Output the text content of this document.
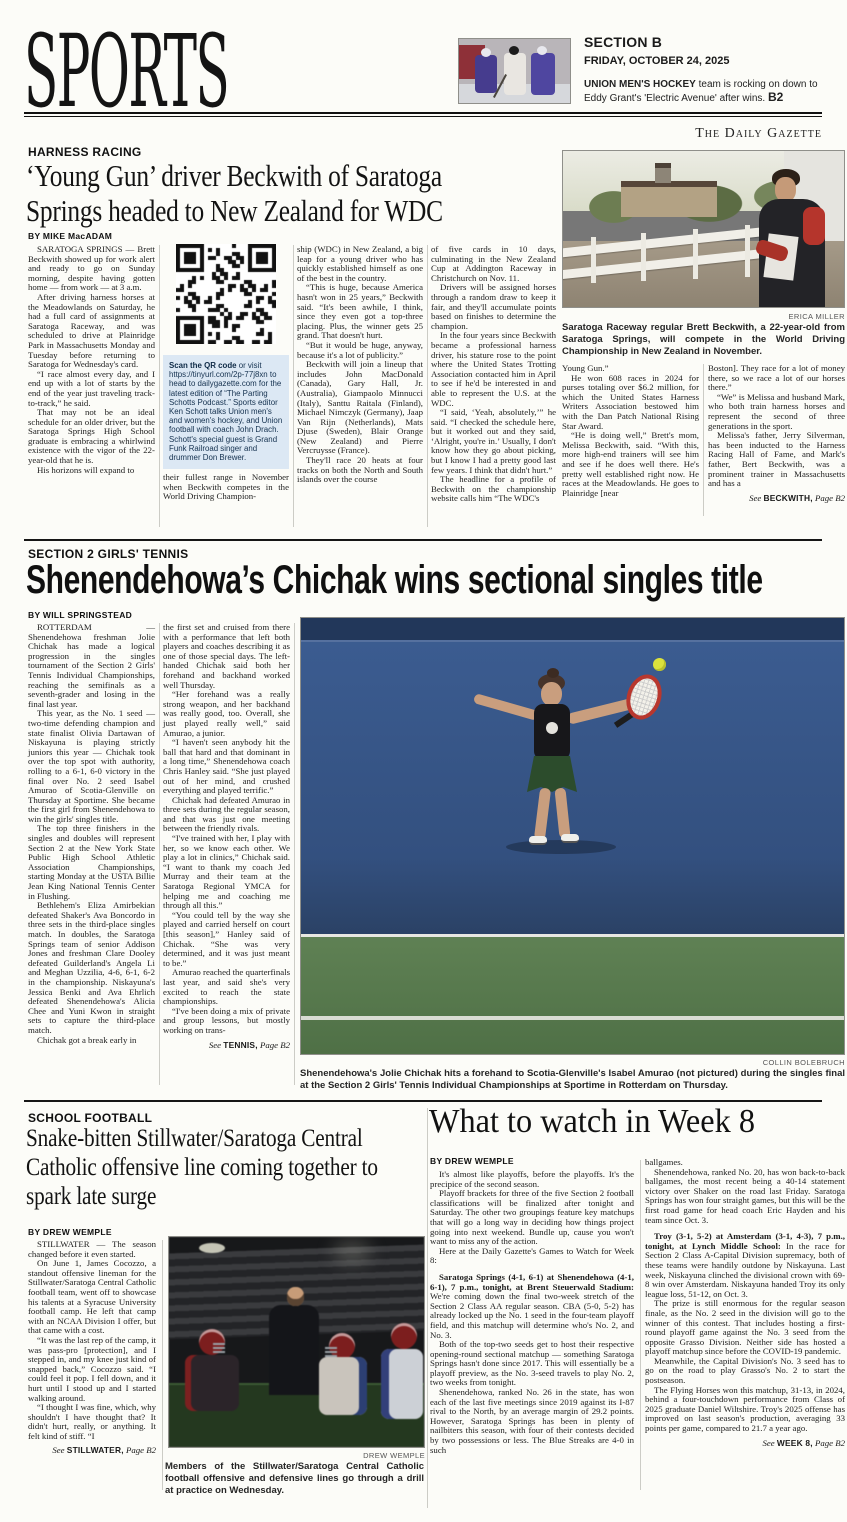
SPORTS	SECTION B
FRIDAY, OCTOBER 24, 2025
UNION MEN'S HOCKEY team is rocking on down to Eddy Grant's 'Electric Avenue' after wins. B2
The Daily Gazette
HARNESS RACING
‘Young Gun’ driver Beckwith of Saratoga Springs headed to New Zealand for WDC
BY MIKE MacADAM

SARATOGA SPRINGS — Brett Beckwith showed up for work alert and ready to go on Sunday morning, despite having gotten home — from work — at 3 a.m.

After driving harness horses at the Meadowlands on Saturday, he had a full card of assignments at Saratoga Raceway, and was scheduled to drive at Plainridge Park in Massachusetts Monday and Tuesday before returning to Saratoga for Wednesday's card.

“I race almost every day, and I end up with a lot of starts by the end of the year just traveling track-to-track,” he said.

That may not be an ideal schedule for an older driver, but the Saratoga Springs High School graduate is embracing a whirlwind existence with the vigor of the 22-year-old that he is.

His horizons will expand to

Scan the QR code or visit https://tinyurl.com/2p-77j8xn to head to dailygazette.com for the latest edition of “The Parting Schotts Podcast.” Sports editor Ken Schott talks Union men's and women's hockey, and Union football with coach John Drach. Schott's special guest is Grand Funk Railroad singer and drummer Don Brewer.

their fullest range in November when Beckwith competes in the World Driving Champion-

ship (WDC) in New Zealand, a big leap for a young driver who has quickly established himself as one of the best in the country.

“This is huge, because America hasn't won in 25 years,” Beckwith said. “It's been awhile, I think, since they even got a top-three placing. Plus, the winner gets 25 grand. That doesn't hurt.

“But it would be huge, anyway, because it's a lot of publicity.”

Beckwith will join a lineup that includes John MacDonald (Canada), Gary Hall, Jr. (Australia), Giampaolo Minnucci (Italy), Santtu Raitala (Finland), Michael Nimczyk (Germany), Jaap Van Rijn (Netherlands), Mats Djuse (Sweden), Blair Orange (New Zealand) and Pierre Vercruysse (France).

They'll race 20 heats at four tracks on both the North and South islands over the course

of five cards in 10 days, culminating in the New Zealand Cup at Addington Raceway in Christchurch on Nov. 11.

Drivers will be assigned horses through a random draw to keep it fair, and they'll accumulate points based on finishes to determine the champion.

In the four years since Beckwith became a professional harness driver, his stature rose to the point where the United States Trotting Association contacted him in April to see if he'd be interested in and able to represent the U.S. at the WDC.

“I said, ‘Yeah, absolutely,’” he said. “I checked the schedule here, but it worked out and they said, ‘Alright, you're in.’ Usually, I don't know how they go about picking, but I know I had a pretty good last few years. I think that didn't hurt.”

The headline for a profile of Beckwith on the championship website calls him “The WDC's

ERICA MILLER
Saratoga Raceway regular Brett Beckwith, a 22-year-old from Saratoga Springs, will compete in the World Driving Championship in New Zealand in November.

Young Gun.”

He won 608 races in 2024 for purses totaling over $6.2 million, for which the United States Harness Writers Association bestowed him with the Dan Patch National Rising Star Award.

“He is doing well,” Brett's mom, Melissa Beckwith, said. “With this, more high-end trainers will see him and see if he does well there. He's pretty well established right now. He races at the Meadowlands. He goes to Plainridge [near

Boston]. They race for a lot of money there, so we race a lot of our horses there.”

“We” is Melissa and husband Mark, who both train harness horses and represent the second of three generations in the sport.

Melissa's father, Jerry Silverman, has been inducted to the Harness Racing Hall of Fame, and Mark's father, Bert Beckwith, was a prominent trainer in Massachusetts and has a

See BECKWITH, Page B2
SECTION 2 GIRLS' TENNIS
Shenendehowa’s Chichak wins sectional singles title
BY WILL SPRINGSTEAD

ROTTERDAM — Shenendehowa freshman Jolie Chichak has made a logical progression in the singles tournament of the Section 2 Girls' Tennis Individual Championships, reaching the semifinals as a seventh-grader and losing in the final last year.

This year, as the No. 1 seed — two-time defending champion and state finalist Olivia Dartawan of Niskayuna is playing strictly juniors this year — Chichak took over the top spot with authority, rolling to a 6-1, 6-0 victory in the final over No. 2 seed Isabel Amurao of Scotia-Glenville on Thursday at Sportime. She became the first girl from Shenendehowa to win the girls' singles title.

The top three finishers in the singles and doubles will represent Section 2 at the New York State Public High School Athletic Association Championships, starting Monday at the USTA Billie Jean King National Tennis Center in Flushing.

Bethlehem's Eliza Amirbekian defeated Shaker's Ava Boncordo in three sets in the third-place singles match. In doubles, the Saratoga Springs team of senior Addison Jones and freshman Clare Dooley defeated Guilderland's Angela Li and Meghan Uzzilia, 4-6, 6-1, 6-2 in the championship. Niskayuna's Jessica Benki and Ava Ehrlich defeated Shenendehowa's Alicia Chee and Yuni Kwon in straight sets to capture the third-place match.

Chichak got a break early in

the first set and cruised from there with a performance that left both players and coaches describing it as one of those special days. The left-handed Chichak said both her forehand and backhand worked well Thursday.

“Her forehand was a really strong weapon, and her backhand was really good, too. Overall, she just played really well,” said Amurao, a junior.

“I haven't seen anybody hit the ball that hard and that dominant in a long time,” Shenendehowa coach Chris Hanley said. “She just played out of her mind, and crushed everything and played terrific.”

Chichak had defeated Amurao in three sets during the regular season, and that was just one meeting between the friendly rivals.

“I've trained with her, I play with her, so we know each other. We play a lot in clinics,” Chichak said. “I want to thank my coach Jed Murray and their team at the Saratoga Regional YMCA for helping me and coaching me through all this.”

“You could tell by the way she played and carried herself on court [this season],” Hanley said of Chichak. “She was very determined, and it was just meant to be.”

Amurao reached the quarterfinals last year, and said she's very excited to reach the state championships.

“I've been doing a mix of private and group lessons, but mostly working on trans-

See TENNIS, Page B2
COLLIN BOLEBRUCH
Shenendehowa's Jolie Chichak hits a forehand to Scotia-Glenville's Isabel Amurao (not pictured) during the singles final at the Section 2 Girls' Tennis Individual Championships at Sportime in Rotterdam on Thursday.
SCHOOL FOOTBALL
Snake-bitten Stillwater/Saratoga Central Catholic offensive line coming together to spark late surge
BY DREW WEMPLE

STILLWATER — The season changed before it even started.

On June 1, James Cocozzo, a standout offensive lineman for the Stillwater/Saratoga Central Catholic football team, went off to showcase his talents at a Syracuse University football camp. He left that camp with an NCAA Division I offer, but that came with a cost.

“It was the last rep of the camp, it was pass-pro [protection], and I stepped in, and my knee just kind of snapped back,” Cocozzo said. “I could feel it pop. I fell down, and it hurt until I stood up and I started walking around.

“I thought I was fine, which, why shouldn't I have thought that? It didn't hurt, really, or anything. It felt kind of stiff. “I

See STILLWATER, Page B2
DREW WEMPLE
Members of the Stillwater/Saratoga Central Catholic football offensive and defensive lines go through a drill at practice on Wednesday.
What to watch in Week 8
BY DREW WEMPLE

It's almost like playoffs, before the playoffs. It's the precipice of the second season.

Playoff brackets for three of the five Section 2 football classifications will be finalized after tonight and Saturday. The other two groupings feature key matchups that will go a long way in deciding how things project going into next weekend. Bundle up, cause you won't want to miss any of the action.

Here at the Daily Gazette's Games to Watch for Week 8:

Saratoga Springs (4-1, 6-1) at Shenendehowa (4-1, 6-1), 7 p.m., tonight, at Brent Steuerwald Stadium: We're coming down the final two-week stretch of the Section 2 Class AA regular season. CBA (5-0, 5-2) has already locked up the No. 1 seed in the four-team playoff field, and this matchup will determine who's No. 2, and No. 3.

Both of the top-two seeds get to host their respective opening-round sectional matchup — something Saratoga Springs hasn't done since 2017. This will essentially be a playoff preview, as the No. 3-seed travels to play No. 2, two weeks from tonight.

Shenendehowa, ranked No. 26 in the state, has won each of the last five meetings since 2019 against its I-87 rival to the North, by an average margin of 29.2 points. However, Saratoga Springs has been in plenty of nailbiters this season, with four of their contests decided by two possessions or less. The Blue Streaks are 4-0 in such

ballgames.

Shenendehowa, ranked No. 20, has won back-to-back ballgames, the most recent being a 40-14 statement victory over Shaker on the road last Friday. Saratoga Springs has won four straight games, but this will be the first road game for head coach Eric Hayden and his team since Oct. 3.

Troy (3-1, 5-2) at Amsterdam (3-1, 4-3), 7 p.m., tonight, at Lynch Middle School: In the race for Section 2 Class A-Capital Division supremacy, both of these teams were handily outdone by Niskayuna. Last week, Niskayuna clinched the divisional crown with 69-8 win over Amsterdam. Niskayuna handed Troy its only league loss, 51-12, on Oct. 3.

The prize is still enormous for the regular season finale, as the No. 2 seed in the division will go to the winner of this contest. That includes hosting a first-round playoff game against the No. 3 seed from the opposite Grasso Division. Neither side has hosted a playoff matchup since before the COVID-19 pandemic.

Meanwhile, the Capital Division's No. 3 seed has to go on the road to play Grasso's No. 2 to start the postseason.

The Flying Horses won this matchup, 31-13, in 2024, behind a four-touchdown performance from Class of 2025 graduate Daniel Wiltshire. Troy's 2025 offense has improved on last season's production, averaging 33 points per game, compared to 21.7 a year ago.

See WEEK 8, Page B2
